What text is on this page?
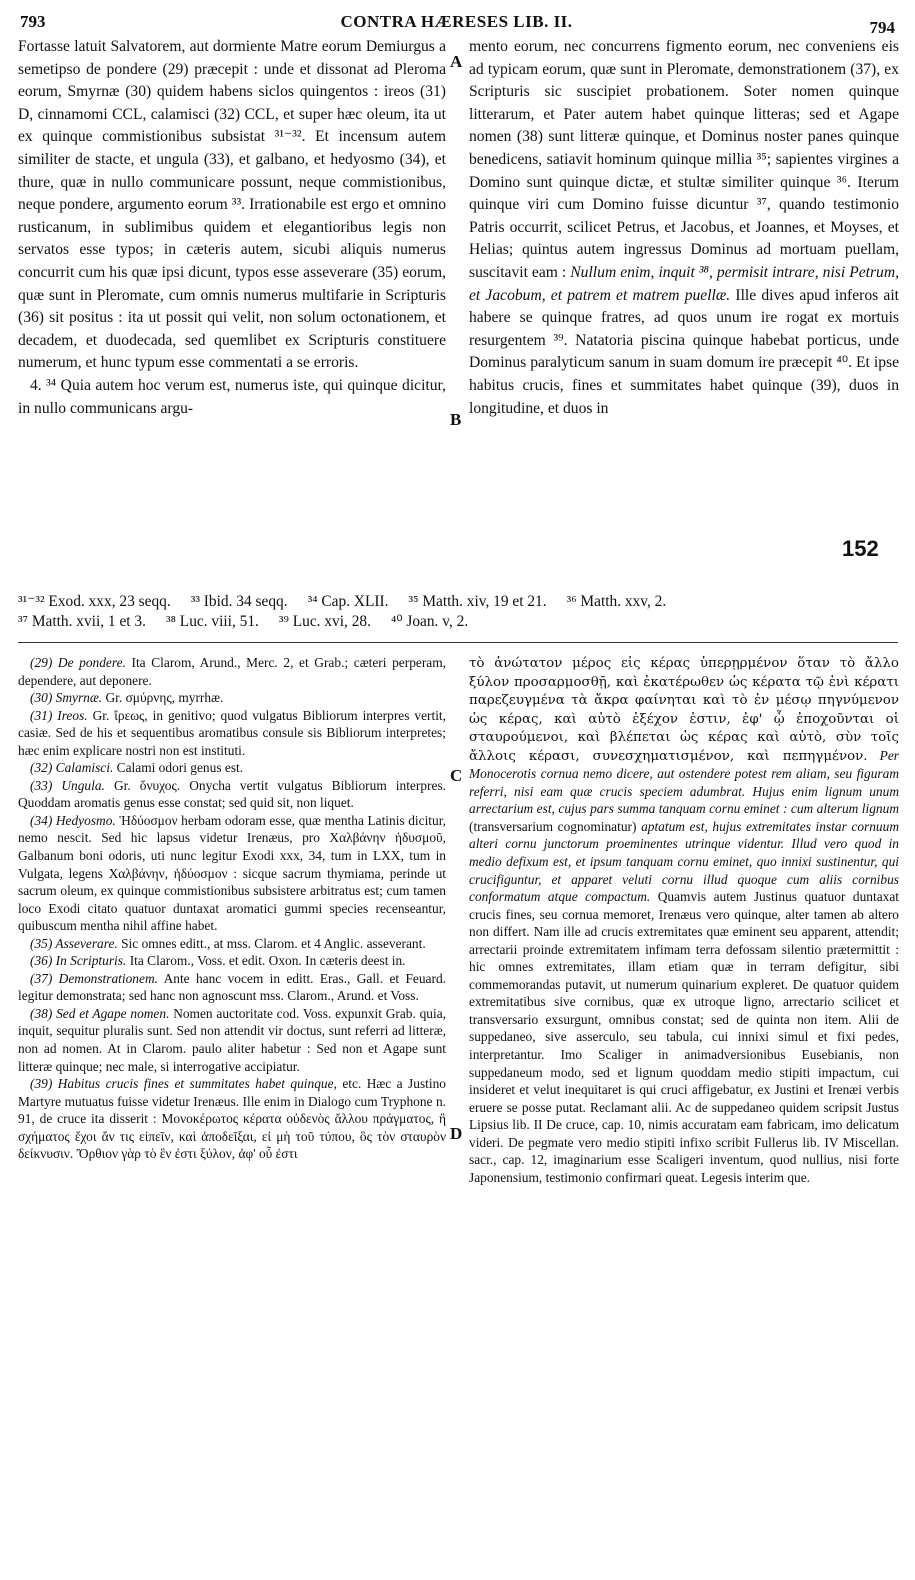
793	CONTRA HÆRESES LIB. II.	794
A
B
C
D
152

Fortasse latuit Salvatorem, aut dormiente Matre eorum Demiurgus a semetipso de pondere (29) præcepit : unde et dissonat ad Pleroma eorum, Smyrnæ (30) quidem habens siclos quingentos : ireos (31) D, cinnamomi CCL, calamisci (32) CCL, et super hæc oleum, ita ut ex quinque commistionibus subsistat ³¹⁻³². Et incensum autem similiter de stacte, et ungula (33), et galbano, et hedyosmo (34), et thure, quæ in nullo communicare possunt, neque commistionibus, neque pondere, argumento eorum ³³. Irrationabile est ergo et omnino rusticanum, in sublimibus quidem et elegantioribus legis non servatos esse typos; in cæteris autem, sicubi aliquis numerus concurrit cum his quæ ipsi dicunt, typos esse asseverare (35) eorum, quæ sunt in Pleromate, cum omnis numerus multifarie in Scripturis (36) sit positus : ita ut possit qui velit, non solum octonationem, et decadem, et duodecada, sed quemlibet ex Scripturis constituere numerum, et hunc typum esse commentati a se erroris.

4. ³⁴ Quia autem hoc verum est, numerus iste, qui quinque dicitur, in nullo communicans argu-

mento eorum, nec concurrens figmento eorum, nec conveniens eis ad typicam eorum, quæ sunt in Pleromate, demonstrationem (37), ex Scripturis sic suscipiet probationem. Soter nomen quinque litterarum, et Pater autem habet quinque litteras; sed et Agape nomen (38) sunt litteræ quinque, et Dominus noster panes quinque benedicens, satiavit hominum quinque millia ³⁵; sapientes virgines a Domino sunt quinque dictæ, et stultæ similiter quinque ³⁶. Iterum quinque viri cum Domino fuisse dicuntur ³⁷, quando testimonio Patris occurrit, scilicet Petrus, et Jacobus, et Joannes, et Moyses, et Helias; quintus autem ingressus Dominus ad mortuam puellam, suscitavit eam : Nullum enim, inquit ³⁸, permisit intrare, nisi Petrum, et Jacobum, et patrem et matrem puellæ. Ille dives apud inferos ait habere se quinque fratres, ad quos unum ire rogat ex mortuis resurgentem ³⁹. Natatoria piscina quinque habebat porticus, unde Dominus paralyticum sanum in suam domum ire præcepit ⁴⁰. Et ipse habitus crucis, fines et summitates habet quinque (39), duos in longitudine, et duos in

³¹⁻³² Exod. xxx, 23 seqq. ³³ Ibid. 34 seqq. ³⁴ Cap. XLII. ³⁵ Matth. xiv, 19 et 21. ³⁶ Matth. xxv, 2.
³⁷ Matth. xvii, 1 et 3. ³⁸ Luc. viii, 51. ³⁹ Luc. xvi, 28. ⁴⁰ Joan. v, 2.

(29) De pondere. Ita Clarom, Arund., Merc. 2, et Grab.; cæteri perperam, dependere, aut deponere.

(30) Smyrnæ. Gr. σμύρνης, myrrhæ.

(31) Ireos. Gr. ἴρεως, in genitivo; quod vulgatus Bibliorum interpres vertit, casiæ. Sed de his et sequentibus aromatibus consule sis Bibliorum interpretes; hæc enim explicare nostri non est instituti.

(32) Calamisci. Calami odori genus est.

(33) Ungula. Gr. ὄνυχος. Onycha vertit vulgatus Bibliorum interpres. Quoddam aromatis genus esse constat; sed quid sit, non liquet.

(34) Hedyosmo. Ἡδύοσμον herbam odoram esse, quæ mentha Latinis dicitur, nemo nescit. Sed hic lapsus videtur Irenæus, pro Χαλβάνην ἡδυσμοῦ, Galbanum boni odoris, uti nunc legitur Exodi xxx, 34, tum in LXX, tum in Vulgata, legens Χαλβάνην, ἡδύοσμον : sicque sacrum thymiama, perinde ut sacrum oleum, ex quinque commistionibus subsistere arbitratus est; cum tamen loco Exodi citato quatuor duntaxat aromatici gummi species recenseantur, quibuscum mentha nihil affine habet.

(35) Asseverare. Sic omnes editt., at mss. Clarom. et 4 Anglic. asseverant.

(36) In Scripturis. Ita Clarom., Voss. et edit. Oxon. In cæteris deest in.

(37) Demonstrationem. Ante hanc vocem in editt. Eras., Gall. et Feuard. legitur demonstrata; sed hanc non agnoscunt mss. Clarom., Arund. et Voss.

(38) Sed et Agape nomen. Nomen auctoritate cod. Voss. expunxit Grab. quia, inquit, sequitur pluralis sunt. Sed non attendit vir doctus, sunt referri ad litteræ, non ad nomen. At in Clarom. paulo aliter habetur : Sed non et Agape sunt litteræ quinque; nec male, si interrogative accipiatur.

(39) Habitus crucis fines et summitates habet quinque, etc. Hæc a Justino Martyre mutuatus fuisse videtur Irenæus. Ille enim in Dialogo cum Tryphone n. 91, de cruce ita disserit : Μονοκέρωτος κέρατα οὐδενὸς ἄλλου πράγματος, ἢ σχήματος ἔχοι ἄν τις εἰπεῖν, καὶ ἀποδεῖξαι, εἰ μὴ τοῦ τύπου, ὃς τὸν σταυρὸν δείκνυσιν. Ὄρθιον γὰρ τὸ ἓν ἐστι ξύλον, ἀφ' οὗ ἐστι

τὸ ἀνώτατον μέρος εἰς κέρας ὑπερῃρμένον ὅταν τὸ ἄλλο ξύλον προσαρμοσθῇ, καὶ ἑκατέρωθεν ὡς κέρατα τῷ ἑνὶ κέρατι παρεζευγμένα τὰ ἄκρα φαίνηται καὶ τὸ ἐν μέσῳ πηγνύμενον ὡς κέρας, καὶ αὐτὸ ἐξέχον ἐστιν, ἐφ' ᾧ ἐποχοῦνται οἱ σταυρούμενοι, καὶ βλέπεται ὡς κέρας καὶ αὐτὸ, σὺν τοῖς ἄλλοις κέρασι, συνεσχηματισμένον, καὶ πεπηγμένον. Per Monocerotis cornua nemo dicere, aut ostendere potest rem aliam, seu figuram referri, nisi eam quæ crucis speciem adumbrat. Hujus enim lignum unum arrectarium est, cujus pars summa tanquam cornu eminet : cum alterum lignum (transversarium cognominatur) aptatum est, hujus extremitates instar cornuum alteri cornu junctorum proeminentes utrinque videntur. Illud vero quod in medio defixum est, et ipsum tanquam cornu eminet, quo innixi sustinentur, qui crucifiguntur, et apparet veluti cornu illud quoque cum aliis cornibus conformatum atque compactum. Quamvis autem Justinus quatuor duntaxat crucis fines, seu cornua memoret, Irenæus vero quinque, alter tamen ab altero non differt. Nam ille ad crucis extremitates quæ eminent seu apparent, attendit; arrectarii proinde extremitatem infimam terra defossam silentio prætermittit : hic omnes extremitates, illam etiam quæ in terram defigitur, sibi commemorandas putavit, ut numerum quinarium expleret. De quatuor quidem extremitatibus sive cornibus, quæ ex utroque ligno, arrectario scilicet et transversario exsurgunt, omnibus constat; sed de quinta non item. Alii de suppedaneo, sive asserculo, seu tabula, cui innixi simul et fixi pedes, interpretantur. Imo Scaliger in animadversionibus Eusebianis, non suppedaneum modo, sed et lignum quoddam medio stipiti impactum, cui insideret et velut inequitaret is qui cruci affigebatur, ex Justini et Irenæi verbis eruere se posse putat. Reclamant alii. Ac de suppedaneo quidem scripsit Justus Lipsius lib. II De cruce, cap. 10, nimis accuratam eam fabricam, imo delicatum videri. De pegmate vero medio stipiti infixo scribit Fullerus lib. IV Miscellan. sacr., cap. 12, imaginarium esse Scaligeri inventum, quod nullius, nisi forte Japonensium, testimonio confirmari queat. Legesis interim que.
